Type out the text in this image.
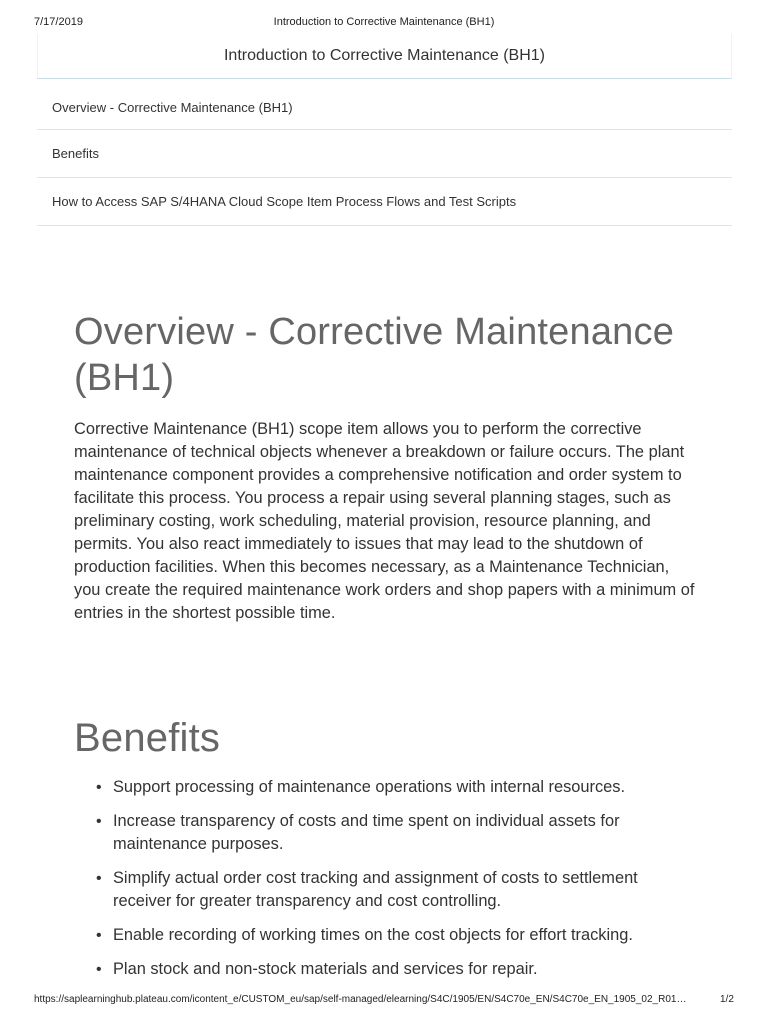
7/17/2019	Introduction to Corrective Maintenance (BH1)
Introduction to Corrective Maintenance (BH1)
Overview - Corrective Maintenance (BH1)
Benefits
How to Access SAP S/4HANA Cloud Scope Item Process Flows and Test Scripts
Overview - Corrective Maintenance (BH1)

Corrective Maintenance (BH1) scope item allows you to perform the corrective maintenance of technical objects whenever a breakdown or failure occurs. The plant maintenance component provides a comprehensive notification and order system to facilitate this process. You process a repair using several planning stages, such as preliminary costing, work scheduling, material provision, resource planning, and permits. You also react immediately to issues that may lead to the shutdown of production facilities. When this becomes necessary, as a Maintenance Technician, you create the required maintenance work orders and shop papers with a minimum of entries in the shortest possible time.

Benefits
• Support processing of maintenance operations with internal resources.
• Increase transparency of costs and time spent on individual assets for maintenance purposes.
• Simplify actual order cost tracking and assignment of costs to settlement receiver for greater transparency and cost controlling.
• Enable recording of working times on the cost objects for effort tracking.
• Plan stock and non-stock materials and services for repair.
https://saplearninghub.plateau.com/icontent_e/CUSTOM_eu/sap/self-managed/elearning/S4C/1905/EN/S4C70e_EN/S4C70e_EN_1905_02_R01…	1/2
